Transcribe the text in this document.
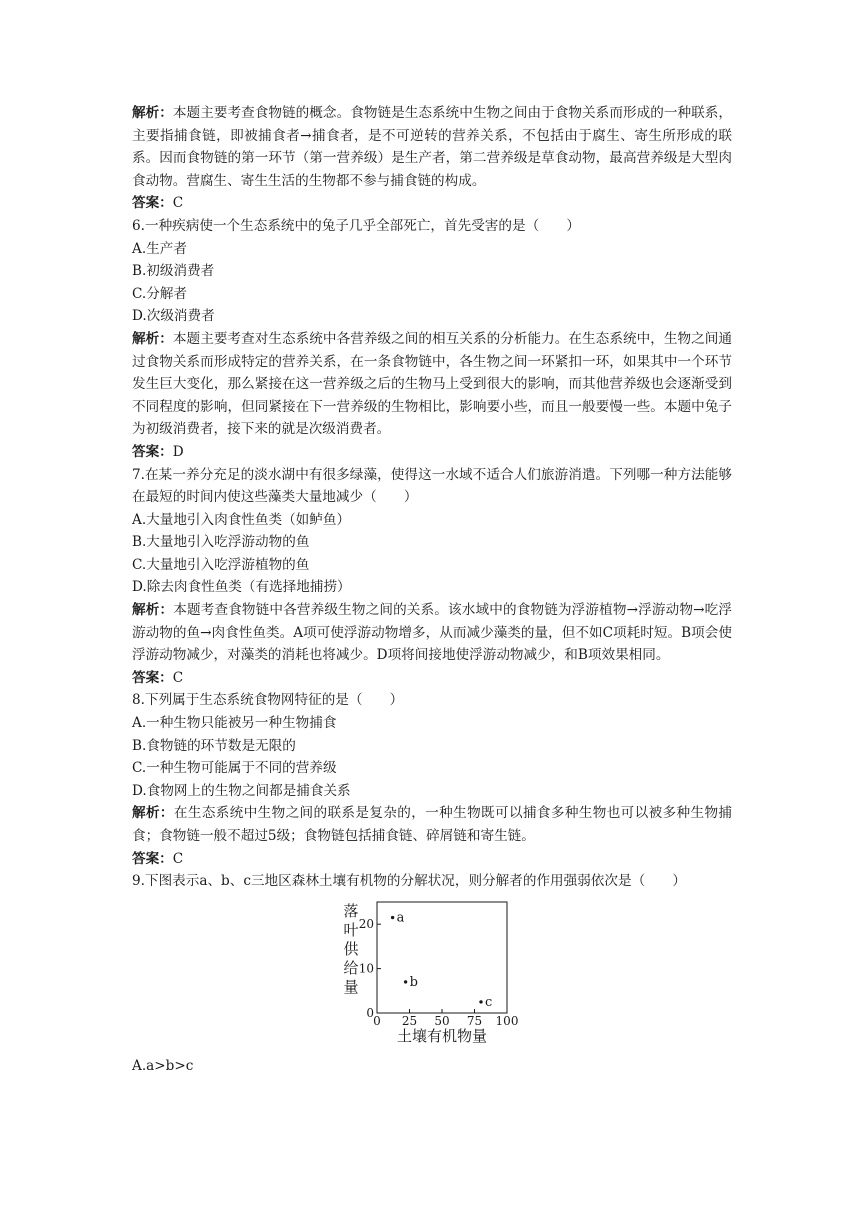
解析：本题主要考查食物链的概念。食物链是生态系统中生物之间由于食物关系而形成的一种联系，主要指捕食链，即被捕食者→捕食者，是不可逆转的营养关系，不包括由于腐生、寄生所形成的联系。因而食物链的第一环节（第一营养级）是生产者，第二营养级是草食动物，最高营养级是大型肉食动物。营腐生、寄生生活的生物都不参与捕食链的构成。

答案：C

6.一种疾病使一个生态系统中的兔子几乎全部死亡，首先受害的是（　　）

A.生产者

B.初级消费者

C.分解者

D.次级消费者

解析：本题主要考查对生态系统中各营养级之间的相互关系的分析能力。在生态系统中，生物之间通过食物关系而形成特定的营养关系，在一条食物链中，各生物之间一环紧扣一环，如果其中一个环节发生巨大变化，那么紧接在这一营养级之后的生物马上受到很大的影响，而其他营养级也会逐渐受到不同程度的影响，但同紧接在下一营养级的生物相比，影响要小些，而且一般要慢一些。本题中兔子为初级消费者，接下来的就是次级消费者。

答案：D

7.在某一养分充足的淡水湖中有很多绿藻，使得这一水域不适合人们旅游消遣。下列哪一种方法能够在最短的时间内使这些藻类大量地减少（　　）

A.大量地引入肉食性鱼类（如鲈鱼）

B.大量地引入吃浮游动物的鱼

C.大量地引入吃浮游植物的鱼

D.除去肉食性鱼类（有选择地捕捞）

解析：本题考查食物链中各营养级生物之间的关系。该水域中的食物链为浮游植物→浮游动物→吃浮游动物的鱼→肉食性鱼类。A项可使浮游动物增多，从而减少藻类的量，但不如C项耗时短。B项会使浮游动物减少，对藻类的消耗也将减少。D项将间接地使浮游动物减少，和B项效果相同。

答案：C

8.下列属于生态系统食物网特征的是（　　）

A.一种生物只能被另一种生物捕食

B.食物链的环节数是无限的

C.一种生物可能属于不同的营养级

D.食物网上的生物之间都是捕食关系

解析：在生态系统中生物之间的联系是复杂的，一种生物既可以捕食多种生物也可以被多种生物捕食；食物链一般不超过5级；食物链包括捕食链、碎屑链和寄生链。

答案：C

9.下图表示a、b、c三地区森林土壤有机物的分解状况，则分解者的作用强弱依次是（　　）

0
10
20
0 25 50 75 100
土壤有机物量
落
叶
供
给
量
a
b
c

A.a>b>c
